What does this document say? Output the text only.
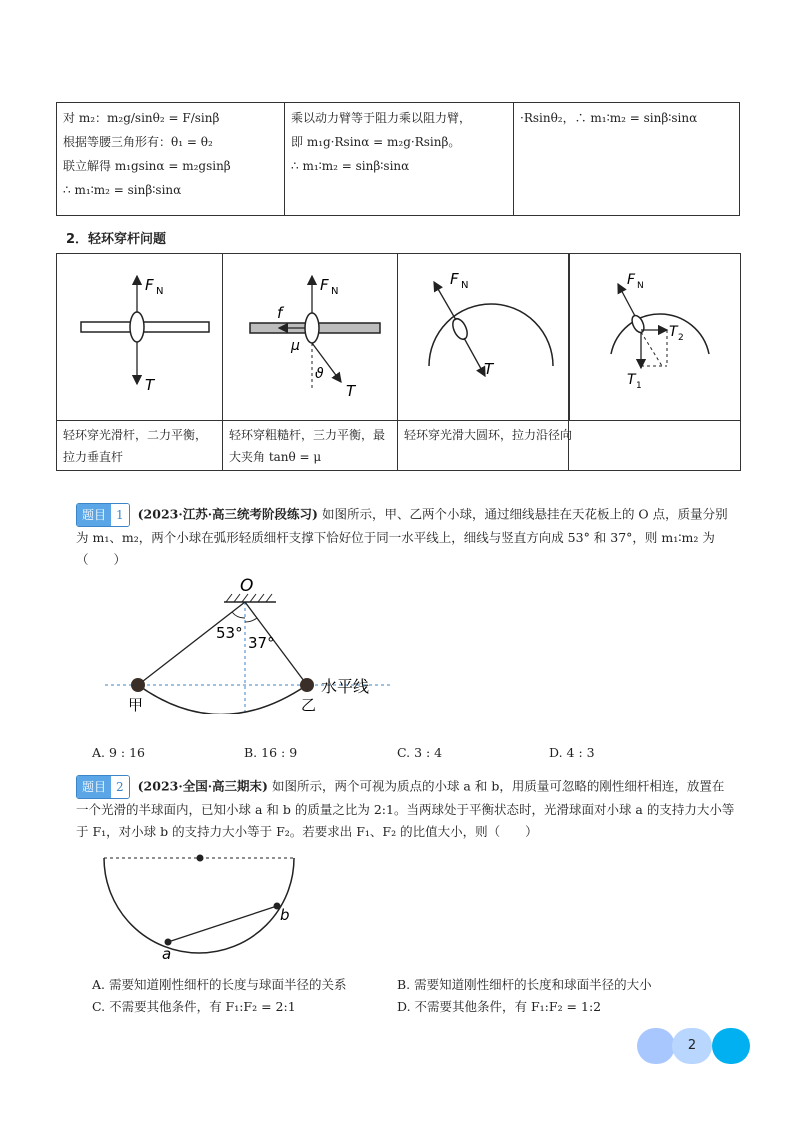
对 m₂：m₂g/sinθ₂ = F/sinβ
根据等腰三角形有：θ₁ = θ₂
联立解得 m₁gsinα = m₂gsinβ
∴ m₁∶m₂ = sinβ∶sinα

乘以动力臂等于阻力乘以阻力臂，
即 m₁g·Rsinα = m₂g·Rsinβ。
∴ m₁∶m₂ = sinβ∶sinα

·Rsinθ₂，∴ m₁∶m₂ = sinβ∶sinα
2．轻环穿杆问题
F N
T
F N
f
μ
ϑ
T
F N
T
F N
T 2
T 1
轻环穿光滑杆，二力平衡，拉力垂直杆
轻环穿粗糙杆，三力平衡，最大夹角 tanθ = μ
轻环穿光滑大圆环，拉力沿径向
题目 1	(2023·江苏·高三统考阶段练习) 如图所示，甲、乙两个小球，通过细线悬挂在天花板上的 O 点，质量分别为 m₁、m₂，两个小球在弧形轻质细杆支撑下恰好位于同一水平线上，细线与竖直方向成 53° 和 37°，则 m₁∶m₂ 为（　　）
O
53°
37°
甲	乙
水平线
A. 9 : 16	B. 16 : 9	C. 3 : 4	D. 4 : 3
题目 2	(2023·全国·高三期末) 如图所示，两个可视为质点的小球 a 和 b，用质量可忽略的刚性细杆相连，放置在一个光滑的半球面内，已知小球 a 和 b 的质量之比为 2:1。当两球处于平衡状态时，光滑球面对小球 a 的支持力大小等于 F₁，对小球 b 的支持力大小等于 F₂。若要求出 F₁、F₂ 的比值大小，则（　　）
a
b
A. 需要知道刚性细杆的长度与球面半径的关系	B. 需要知道刚性细杆的长度和球面半径的大小
C. 不需要其他条件，有 F₁:F₂ = 2:1	D. 不需要其他条件，有 F₁:F₂ = 1:2
2
